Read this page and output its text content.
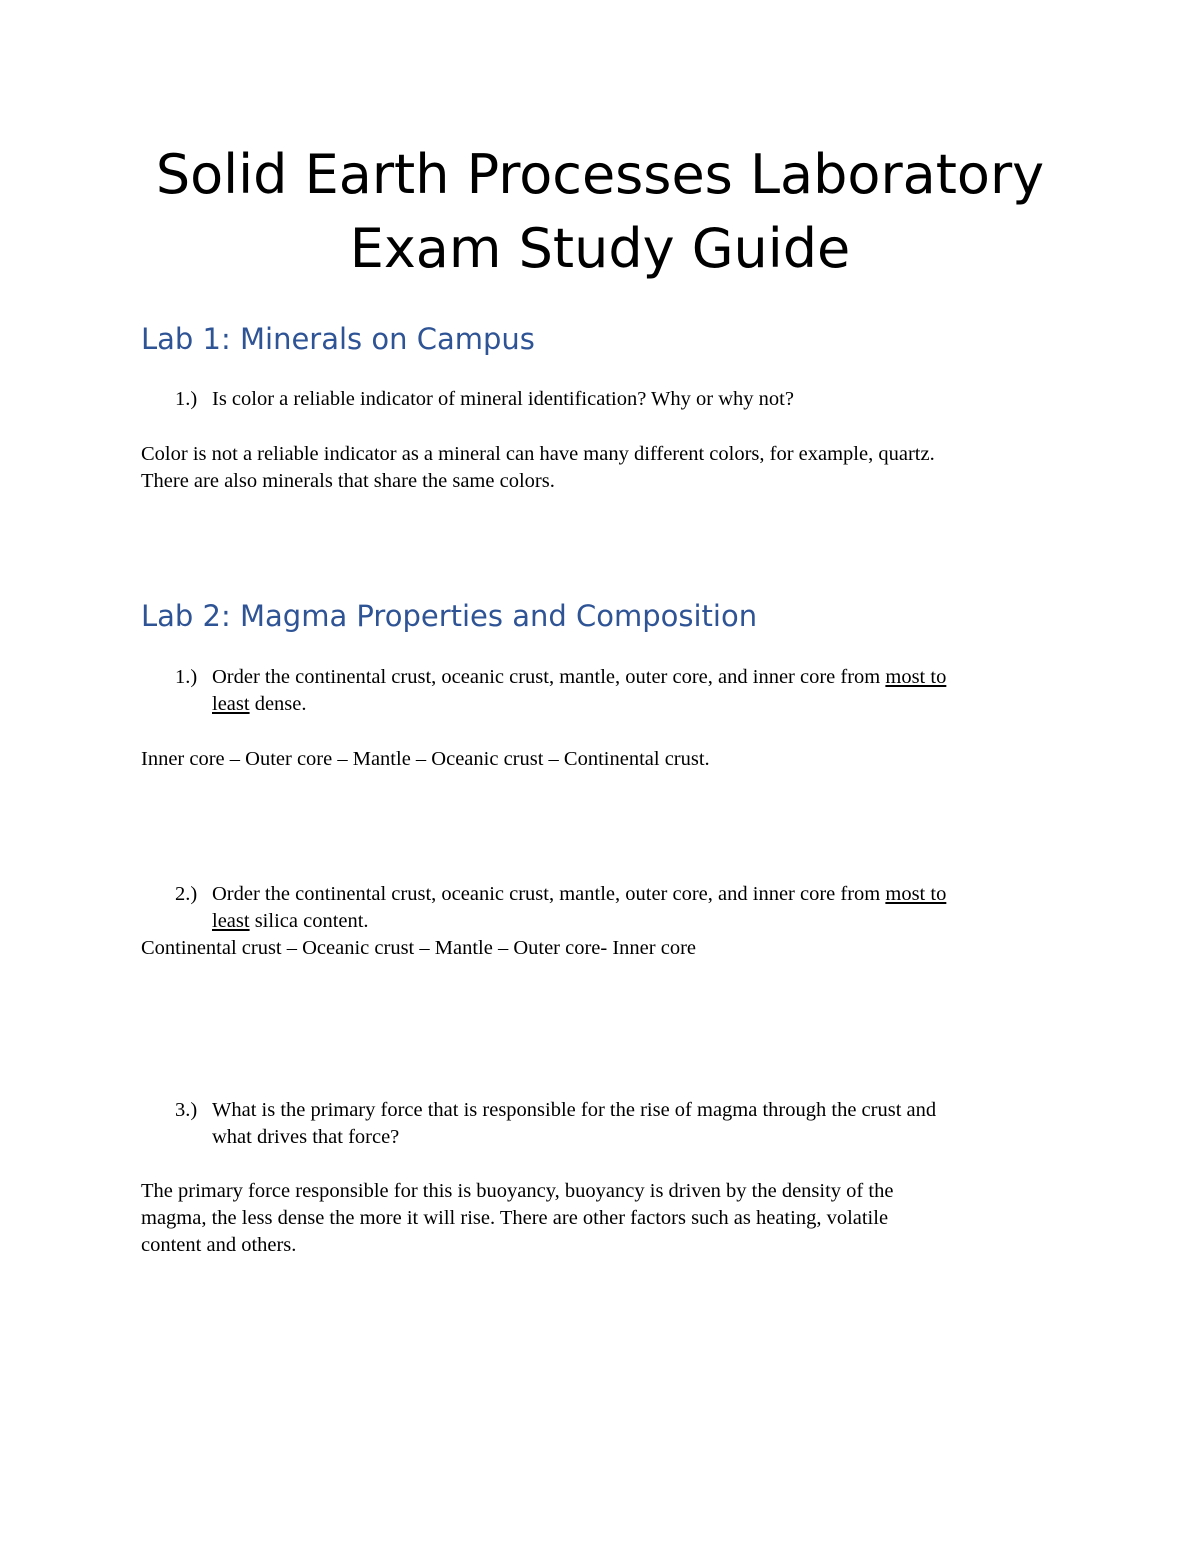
Solid Earth Processes Laboratory
Exam Study Guide
Lab 1: Minerals on Campus
1.) Is color a reliable indicator of mineral identification? Why or why not?
Color is not a reliable indicator as a mineral can have many different colors, for example, quartz.
There are also minerals that share the same colors.
Lab 2: Magma Properties and Composition
1.) Order the continental crust, oceanic crust, mantle, outer core, and inner core from most to
least dense.
Inner core – Outer core – Mantle – Oceanic crust – Continental crust.
2.) Order the continental crust, oceanic crust, mantle, outer core, and inner core from most to
least silica content.
Continental crust – Oceanic crust – Mantle – Outer core- Inner core
3.) What is the primary force that is responsible for the rise of magma through the crust and
what drives that force?
The primary force responsible for this is buoyancy, buoyancy is driven by the density of the
magma, the less dense the more it will rise. There are other factors such as heating, volatile
content and others.
